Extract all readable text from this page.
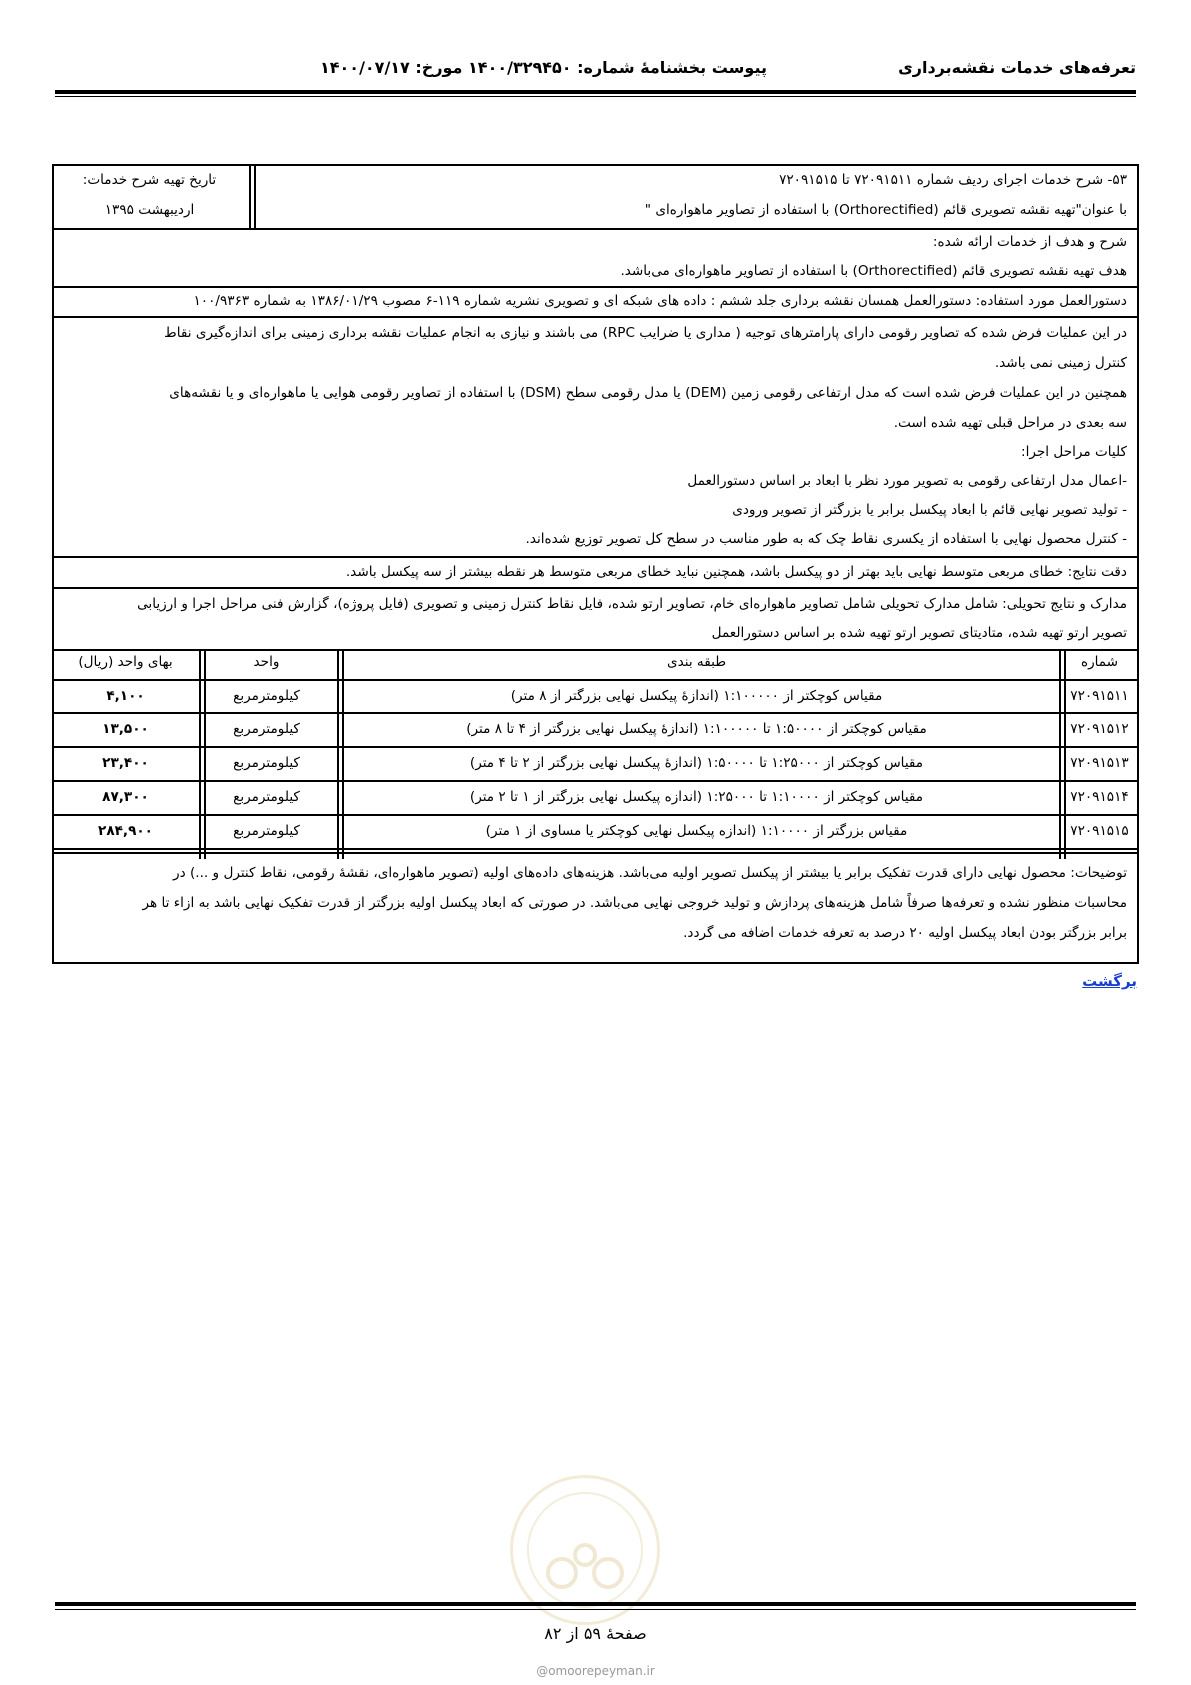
تعرفه‌های خدمات نقشه‌برداری
پیوست بخشنامهٔ شماره: ۱۴۰۰/۳۲۹۴۵۰ مورخ: ۱۴۰۰/۰۷/۱۷
۵۳- شرح خدمات اجرای ردیف شماره ۷۲۰۹۱۵۱۱ تا ۷۲۰۹۱۵۱۵
با عنوان"تهیه نقشه تصویری قائم (Orthorectified) با استفاده از تصاویر ماهواره‌ای "
تاریخ تهیه شرح خدمات:
اردیبهشت ۱۳۹۵
شرح و هدف از خدمات ارائه شده:
هدف تهیه نقشه تصویری قائم (Orthorectified) با استفاده از تصاویر ماهواره‌ای می‌باشد.
دستورالعمل مورد استفاده: دستورالعمل همسان نقشه برداری جلد ششم : داده های شبکه ای و تصویری نشریه شماره ۱۱۹-۶ مصوب ۱۳۸۶/۰۱/۲۹ به شماره ۱۰۰/۹۳۶۳
در این عملیات فرض شده که تصاویر رقومی دارای پارامترهای توجیه ( مداری یا ضرایب RPC) می باشند و نیازی به انجام عملیات نقشه برداری زمینی برای اندازه‌گیری نقاط
کنترل زمینی نمی باشد.
همچنین در این عملیات فرض شده است که مدل ارتفاعی رقومی زمین (DEM) یا مدل رقومی سطح (DSM) با استفاده از تصاویر رقومی هوایی یا ماهواره‌ای و یا نقشه‌های
سه بعدی در مراحل قبلی تهیه شده است.
کلیات مراحل اجرا:
-اعمال مدل ارتفاعی رقومی به تصویر مورد نظر با ابعاد بر اساس دستورالعمل
- تولید تصویر نهایی قائم با ابعاد پیکسل برابر یا بزرگتر از تصویر ورودی
- کنترل محصول نهایی با استفاده از یکسری نقاط چک که به طور مناسب در سطح کل تصویر توزیع شده‌اند.
دقت نتایج: خطای مربعی متوسط نهایی باید بهتر از دو پیکسل باشد، همچنین نباید خطای مربعی متوسط هر نقطه بیشتر از سه پیکسل باشد.
مدارک و نتایج تحویلی: شامل مدارک تحویلی شامل تصاویر ماهواره‌ای خام، تصاویر ارتو شده، فایل نقاط کنترل زمینی و تصویری (فایل پروژه)، گزارش فنی مراحل اجرا و ارزیابی
تصویر ارتو تهیه شده، متادیتای تصویر ارتو تهیه شده بر اساس دستورالعمل
شماره
طبقه بندی
واحد
بهای واحد (ریال)
۷۲۰۹۱۵۱۱
مقیاس کوچکتر از ۱:۱۰۰۰۰۰ (اندازهٔ پیکسل نهایی بزرگتر از ۸ متر)
کیلومترمربع
۴,۱۰۰
۷۲۰۹۱۵۱۲
مقیاس کوچکتر از ۱:۵۰۰۰۰ تا ۱:۱۰۰۰۰۰ (اندازهٔ پیکسل نهایی بزرگتر از ۴ تا ۸ متر)
کیلومترمربع
۱۳,۵۰۰
۷۲۰۹۱۵۱۳
مقیاس کوچکتر از ۱:۲۵۰۰۰ تا ۱:۵۰۰۰۰ (اندازهٔ پیکسل نهایی بزرگتر از ۲ تا ۴ متر)
کیلومترمربع
۲۳,۴۰۰
۷۲۰۹۱۵۱۴
مقیاس کوچکتر از ۱:۱۰۰۰۰ تا ۱:۲۵۰۰۰ (اندازه پیکسل نهایی بزرگتر از ۱ تا ۲ متر)
کیلومترمربع
۸۷,۳۰۰
۷۲۰۹۱۵۱۵
مقیاس بزرگتر از ۱:۱۰۰۰۰ (اندازه پیکسل نهایی کوچکتر یا مساوی از ۱ متر)
کیلومترمربع
۲۸۴,۹۰۰
توضیحات: محصول نهایی دارای قدرت تفکیک برابر یا بیشتر از پیکسل تصویر اولیه می‌باشد. هزینه‌های داده‌های اولیه (تصویر ماهواره‌ای، نقشهٔ رقومی، نقاط کنترل و ...) در
محاسبات منظور نشده و تعرفه‌ها صرفاً شامل هزینه‌های پردازش و تولید خروجی نهایی می‌باشد. در صورتی که ابعاد پیکسل اولیه بزرگتر از قدرت تفکیک نهایی باشد به ازاء تا هر
برابر بزرگتر بودن ابعاد پیکسل اولیه ۲۰ درصد به تعرفه خدمات اضافه می گردد.
برگشت
صفحهٔ ۵۹ از ۸۲
@omoorepeyman.ir
